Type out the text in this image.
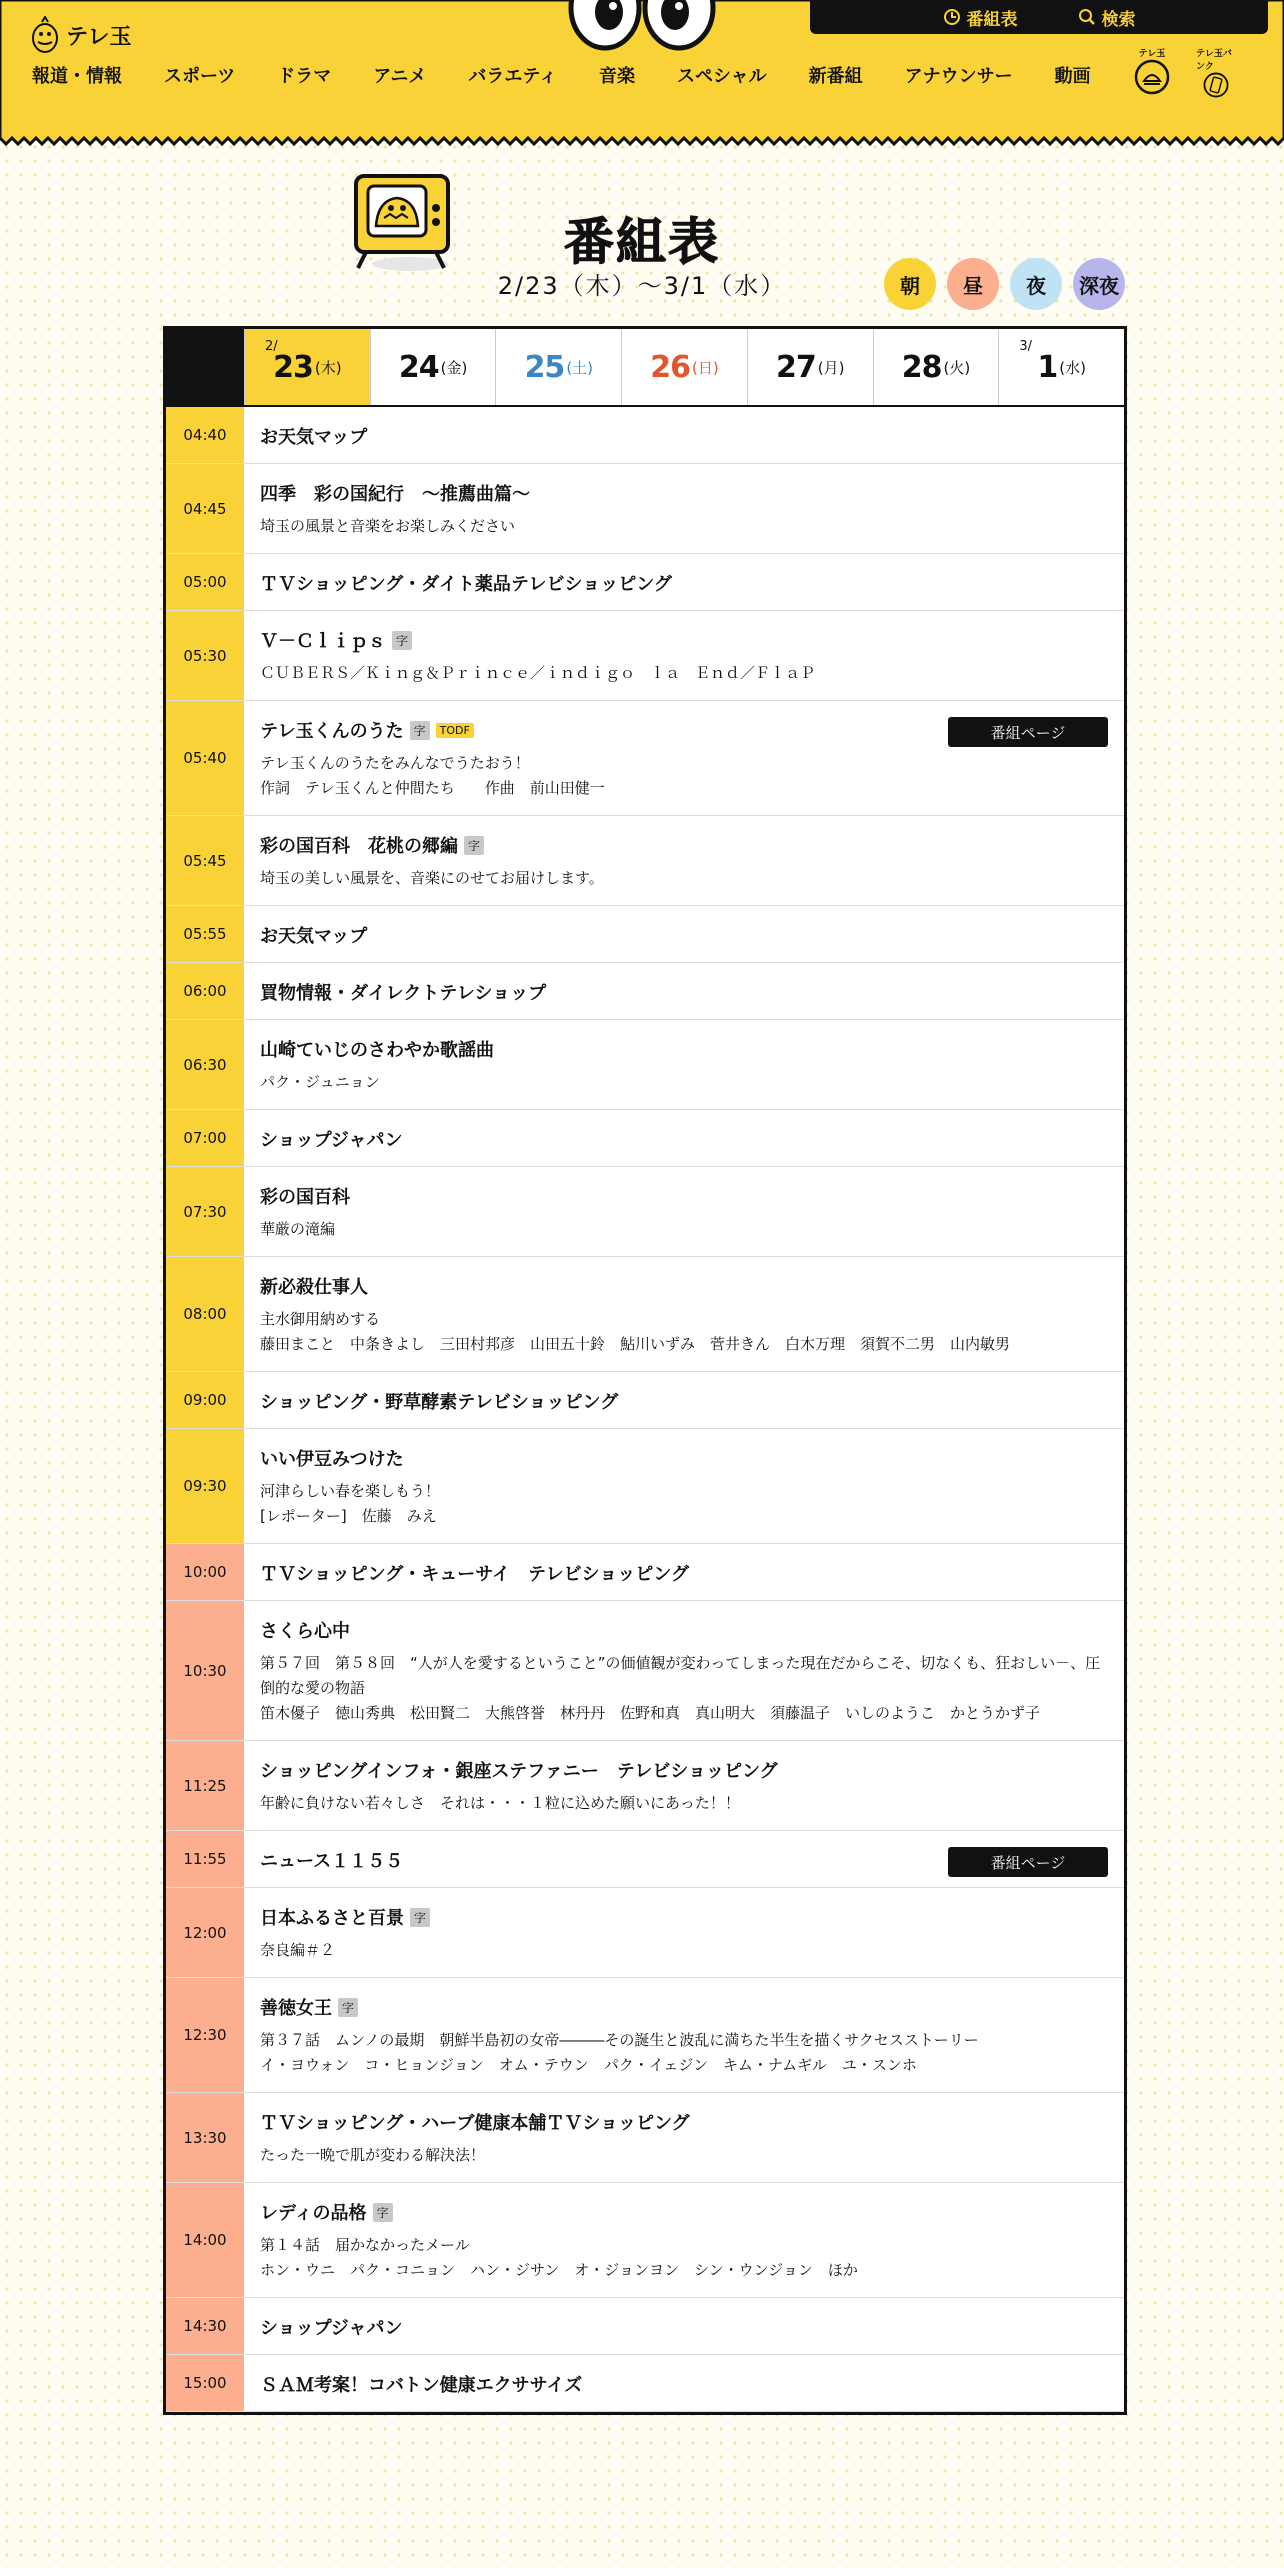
テレ玉
番組表	検索
報道・情報 スポーツ ドラマ アニメ バラエティ 音楽 スペシャル 新番組 アナウンサー 動画
テレ玉	テレ玉バンク
番組表
2/23（木）〜3/1（水）	朝	昼	夜	深夜
2/
23 (木) 24 (金) 25 (土) 26 (日) 27 (月) 28 (火)
3/
1 (水)
04:40	お天気マップ
04:45
四季　彩の国紀行　～推薦曲篇～
埼玉の風景と音楽をお楽しみください
05:00	ＴＶショッピング・ダイト薬品テレビショッピング
05:30
Ｖ－Ｃｌｉｐｓ 字
ＣＵＢＥＲＳ／Ｋｉｎｇ＆Ｐｒｉｎｃｅ／ｉｎｄｉｇｏ　ｌａ　Ｅｎｄ／ＦｌａＰ
05:40
テレ玉くんのうた 字	TODF
テレ玉くんのうたをみんなでうたおう！
作詞　テレ玉くんと仲間たち　　作曲　前山田健一
番組ページ
05:45
彩の国百科　花桃の郷編 字
埼玉の美しい風景を、音楽にのせてお届けします。
05:55	お天気マップ
06:00	買物情報・ダイレクトテレショップ
06:30
山崎ていじのさわやか歌謡曲
パク・ジュニョン
07:00	ショップジャパン
07:30
彩の国百科
華厳の滝編
08:00
新必殺仕事人
主水御用納めする
藤田まこと　中条きよし　三田村邦彦　山田五十鈴　鮎川いずみ　菅井きん　白木万理　須賀不二男　山内敏男
09:00	ショッピング・野草酵素テレビショッピング
09:30
いい伊豆みつけた
河津らしい春を楽しもう！
[レポーター]　佐藤　みえ
10:00	ＴＶショッピング・キューサイ　テレビショッピング
10:30
さくら心中
第５７回　第５８回　“人が人を愛するということ”の価値観が変わってしまった現在だからこそ、切なくも、狂おしい－、圧倒的な愛の物語
笛木優子　徳山秀典　松田賢二　大熊啓誉　林丹丹　佐野和真　真山明大　須藤温子　いしのようこ　かとうかず子
11:25
ショッピングインフォ・銀座ステファニー　テレビショッピング
年齢に負けない若々しさ　それは・・・１粒に込めた願いにあった！！
11:55	ニュース１１５５	番組ページ
12:00
日本ふるさと百景 字
奈良編＃２
12:30
善徳女王 字
第３７話　ムンノの最期　朝鮮半島初の女帝―――その誕生と波乱に満ちた半生を描くサクセスストーリー
イ・ヨウォン　コ・ヒョンジョン　オム・テウン　パク・イェジン　キム・ナムギル　ユ・スンホ
13:30
ＴＶショッピング・ハーブ健康本舗ＴＶショッピング
たった一晩で肌が変わる解決法！
14:00
レディの品格 字
第１４話　届かなかったメール
ホン・ウニ　パク・コニョン　ハン・ジサン　オ・ジョンヨン　シン・ウンジョン　ほか
14:30	ショップジャパン
15:00	ＳＡＭ考案！コバトン健康エクササイズ
